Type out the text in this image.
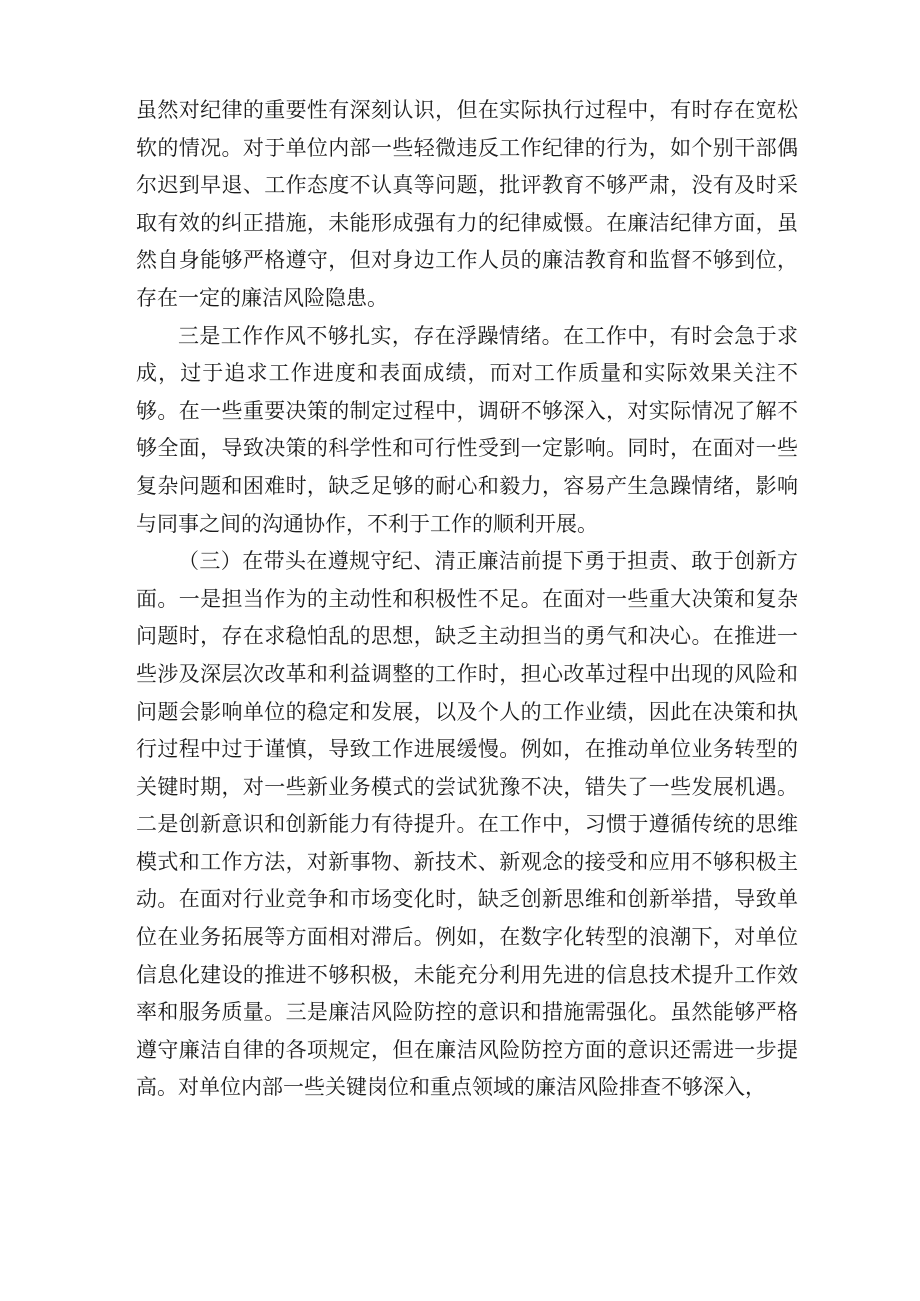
虽然对纪律的重要性有深刻认识，但在实际执行过程中，有时存在宽松软的情况。对于单位内部一些轻微违反工作纪律的行为，如个别干部偶尔迟到早退、工作态度不认真等问题，批评教育不够严肃，没有及时采取有效的纠正措施，未能形成强有力的纪律威慑。在廉洁纪律方面，虽然自身能够严格遵守，但对身边工作人员的廉洁教育和监督不够到位，存在一定的廉洁风险隐患。

三是工作作风不够扎实，存在浮躁情绪。在工作中，有时会急于求成，过于追求工作进度和表面成绩，而对工作质量和实际效果关注不够。在一些重要决策的制定过程中，调研不够深入，对实际情况了解不够全面，导致决策的科学性和可行性受到一定影响。同时，在面对一些复杂问题和困难时，缺乏足够的耐心和毅力，容易产生急躁情绪，影响与同事之间的沟通协作，不利于工作的顺利开展。

（三）在带头在遵规守纪、清正廉洁前提下勇于担责、敢于创新方面。一是担当作为的主动性和积极性不足。在面对一些重大决策和复杂问题时，存在求稳怕乱的思想，缺乏主动担当的勇气和决心。在推进一些涉及深层次改革和利益调整的工作时，担心改革过程中出现的风险和问题会影响单位的稳定和发展，以及个人的工作业绩，因此在决策和执行过程中过于谨慎，导致工作进展缓慢。例如，在推动单位业务转型的关键时期，对一些新业务模式的尝试犹豫不决，错失了一些发展机遇。二是创新意识和创新能力有待提升。在工作中，习惯于遵循传统的思维模式和工作方法，对新事物、新技术、新观念的接受和应用不够积极主动。在面对行业竞争和市场变化时，缺乏创新思维和创新举措，导致单位在业务拓展等方面相对滞后。例如，在数字化转型的浪潮下，对单位信息化建设的推进不够积极，未能充分利用先进的信息技术提升工作效率和服务质量。三是廉洁风险防控的意识和措施需强化。虽然能够严格遵守廉洁自律的各项规定，但在廉洁风险防控方面的意识还需进一步提高。对单位内部一些关键岗位和重点领域的廉洁风险排查不够深入，
